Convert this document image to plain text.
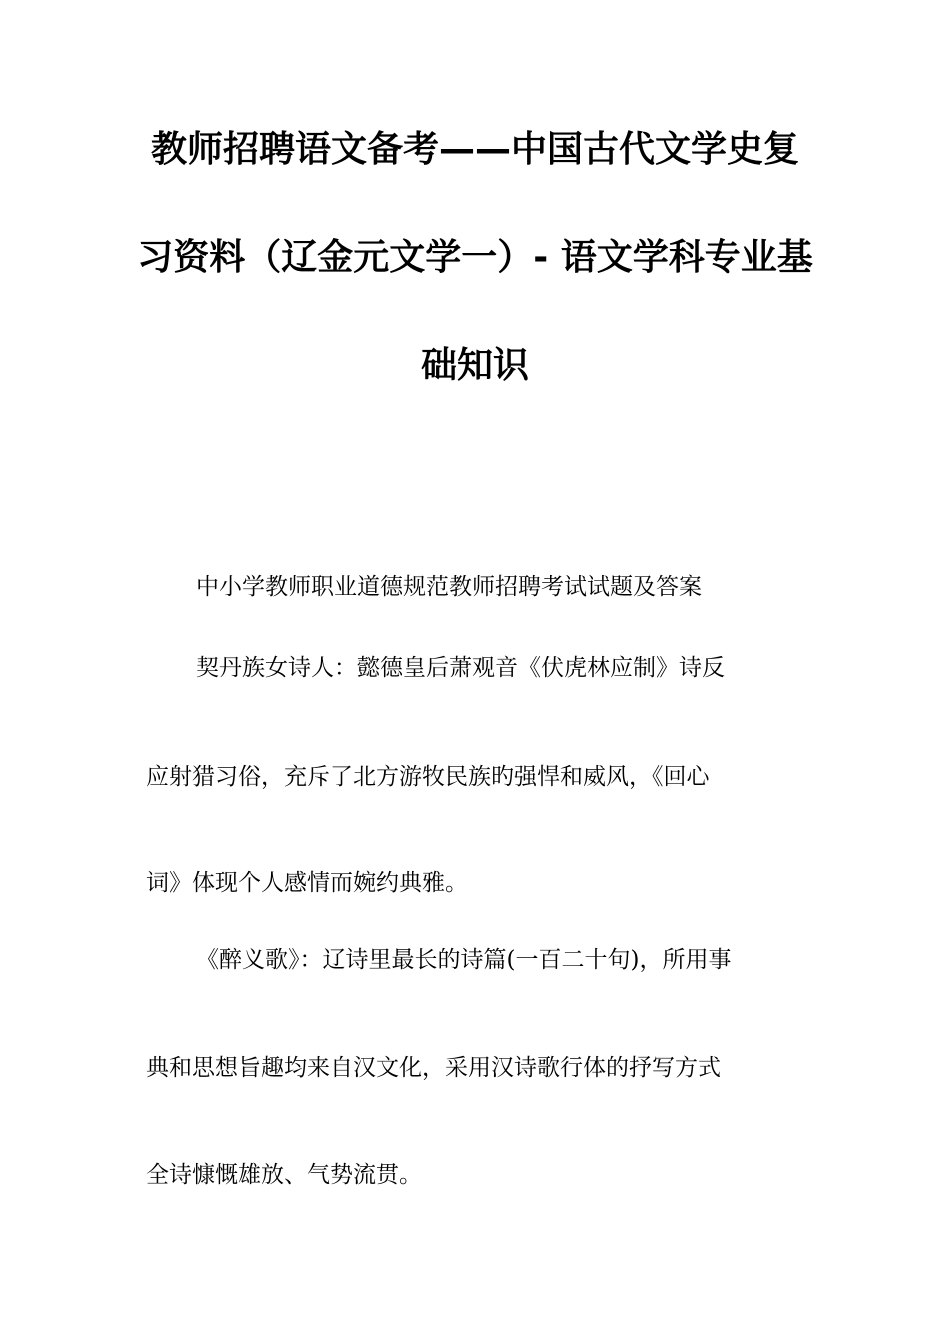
教师招聘语文备考——中国古代文学史复
习资料（辽金元文学一）- 语文学科专业基
础知识
中小学教师职业道德规范教师招聘考试试题及答案
契丹族女诗人：懿德皇后萧观音《伏虎林应制》诗反
应射猎习俗，充斥了北方游牧民族旳强悍和威风，《回心
词》体现个人感情而婉约典雅。
《醉义歌》：辽诗里最长的诗篇(一百二十句)，所用事
典和思想旨趣均来自汉文化，采用汉诗歌行体的抒写方式
全诗慷慨雄放、气势流贯。
